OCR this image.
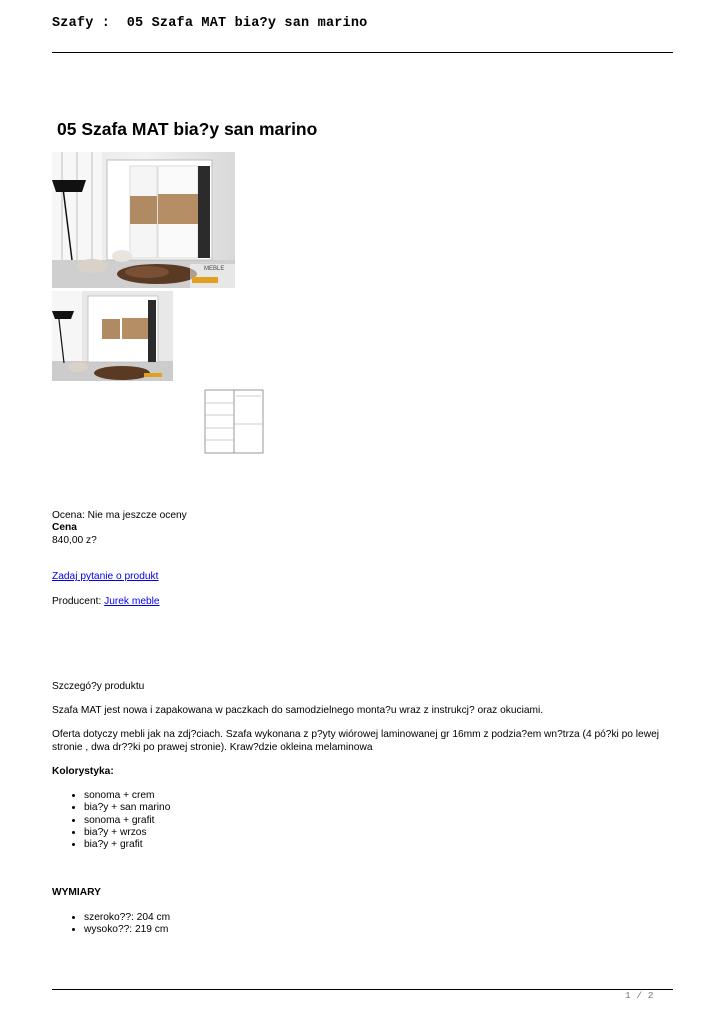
Szafy :  05 Szafa MAT bia?y san marino
05 Szafa MAT bia?y san marino
MEBLE
Ocena: Nie ma jeszcze oceny
Cena
840,00 z?
Zadaj pytanie o produkt
Producent: Jurek meble
Szczegó?y produktu
Szafa MAT jest nowa i zapakowana w paczkach do samodzielnego monta?u wraz z instrukcj? oraz okuciami.
Oferta dotyczy mebli jak na zdj?ciach. Szafa wykonana z p?yty wiórowej laminowanej gr 16mm z podzia?em wn?trza (4 pó?ki po lewej stronie , dwa dr??ki po prawej stronie). Kraw?dzie okleina melaminowa
Kolorystyka:
• sonoma + crem
• bia?y + san marino
• sonoma + grafit
• bia?y + wrzos
• bia?y + grafit
WYMIARY
• szeroko??: 204 cm
• wysoko??: 219 cm
1 / 2
